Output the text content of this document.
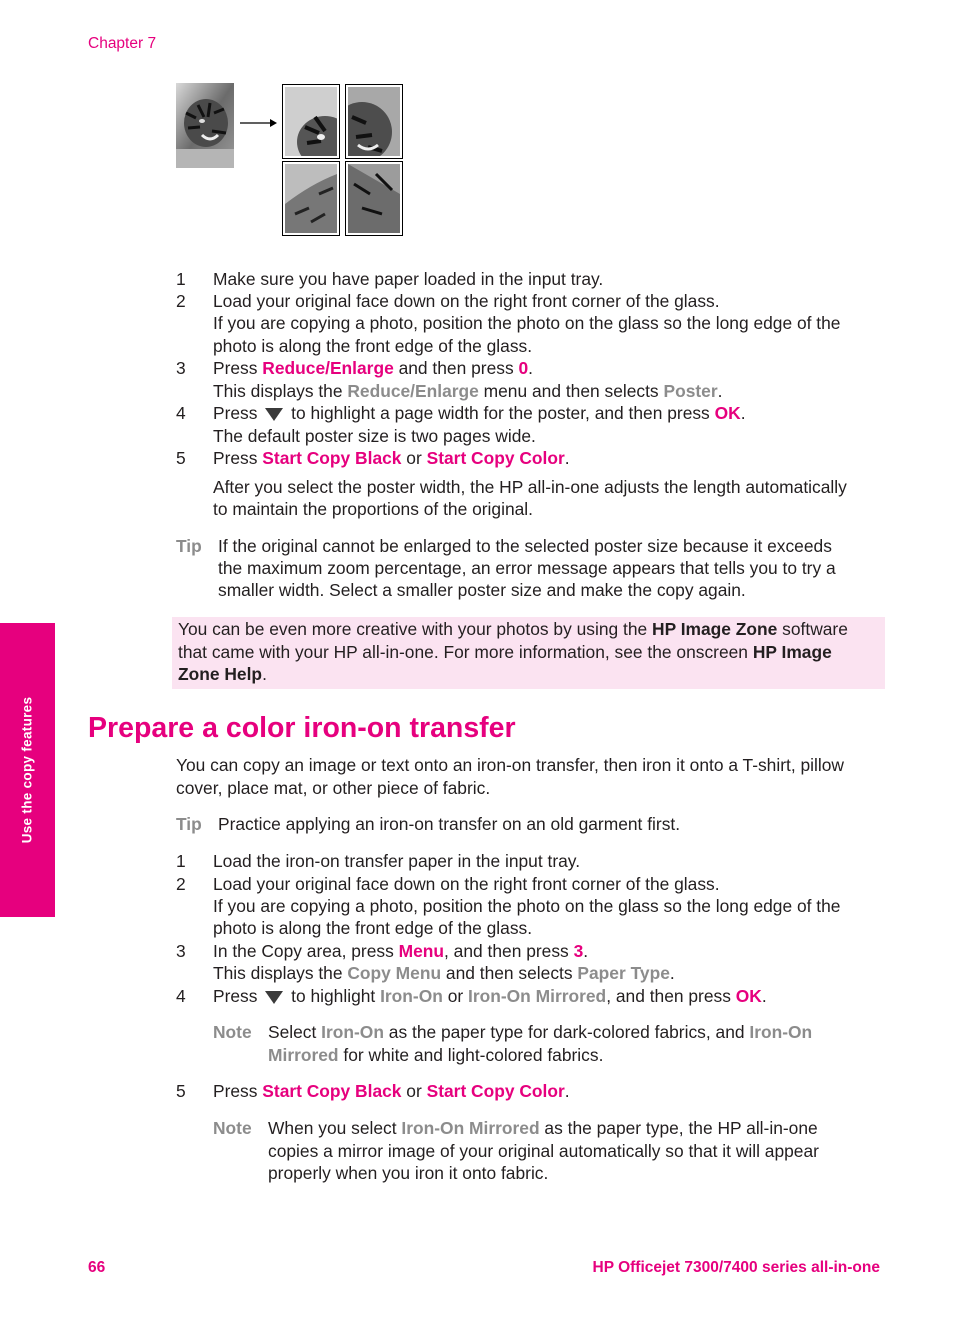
Chapter 7
Use the copy features
1	Make sure you have paper loaded in the input tray.
2	Load your original face down on the right front corner of the glass.
If you are copying a photo, position the photo on the glass so the long edge of the
photo is along the front edge of the glass.
3	Press Reduce/Enlarge and then press 0.
This displays the Reduce/Enlarge menu and then selects Poster.
4	Press  to highlight a page width for the poster, and then press OK.
The default poster size is two pages wide.
5	Press Start Copy Black or Start Copy Color.
After you select the poster width, the HP all-in-one adjusts the length automatically
to maintain the proportions of the original.
Tip If the original cannot be enlarged to the selected poster size because it exceeds
the maximum zoom percentage, an error message appears that tells you to try a
smaller width. Select a smaller poster size and make the copy again.
You can be even more creative with your photos by using the HP Image Zone software
that came with your HP all-in-one. For more information, see the onscreen HP Image
Zone Help.
Prepare a color iron-on transfer
You can copy an image or text onto an iron-on transfer, then iron it onto a T-shirt, pillow
cover, place mat, or other piece of fabric.
Tip Practice applying an iron-on transfer on an old garment first.
1	Load the iron-on transfer paper in the input tray.
2	Load your original face down on the right front corner of the glass.
If you are copying a photo, position the photo on the glass so the long edge of the
photo is along the front edge of the glass.
3	In the Copy area, press Menu, and then press 3.
This displays the Copy Menu and then selects Paper Type.
4	Press  to highlight Iron-On or Iron-On Mirrored, and then press OK.
Note Select Iron-On as the paper type for dark-colored fabrics, and Iron-On
Mirrored for white and light-colored fabrics.
5	Press Start Copy Black or Start Copy Color.
Note When you select Iron-On Mirrored as the paper type, the HP all-in-one
copies a mirror image of your original automatically so that it will appear
properly when you iron it onto fabric.
66	HP Officejet 7300/7400 series all-in-one
